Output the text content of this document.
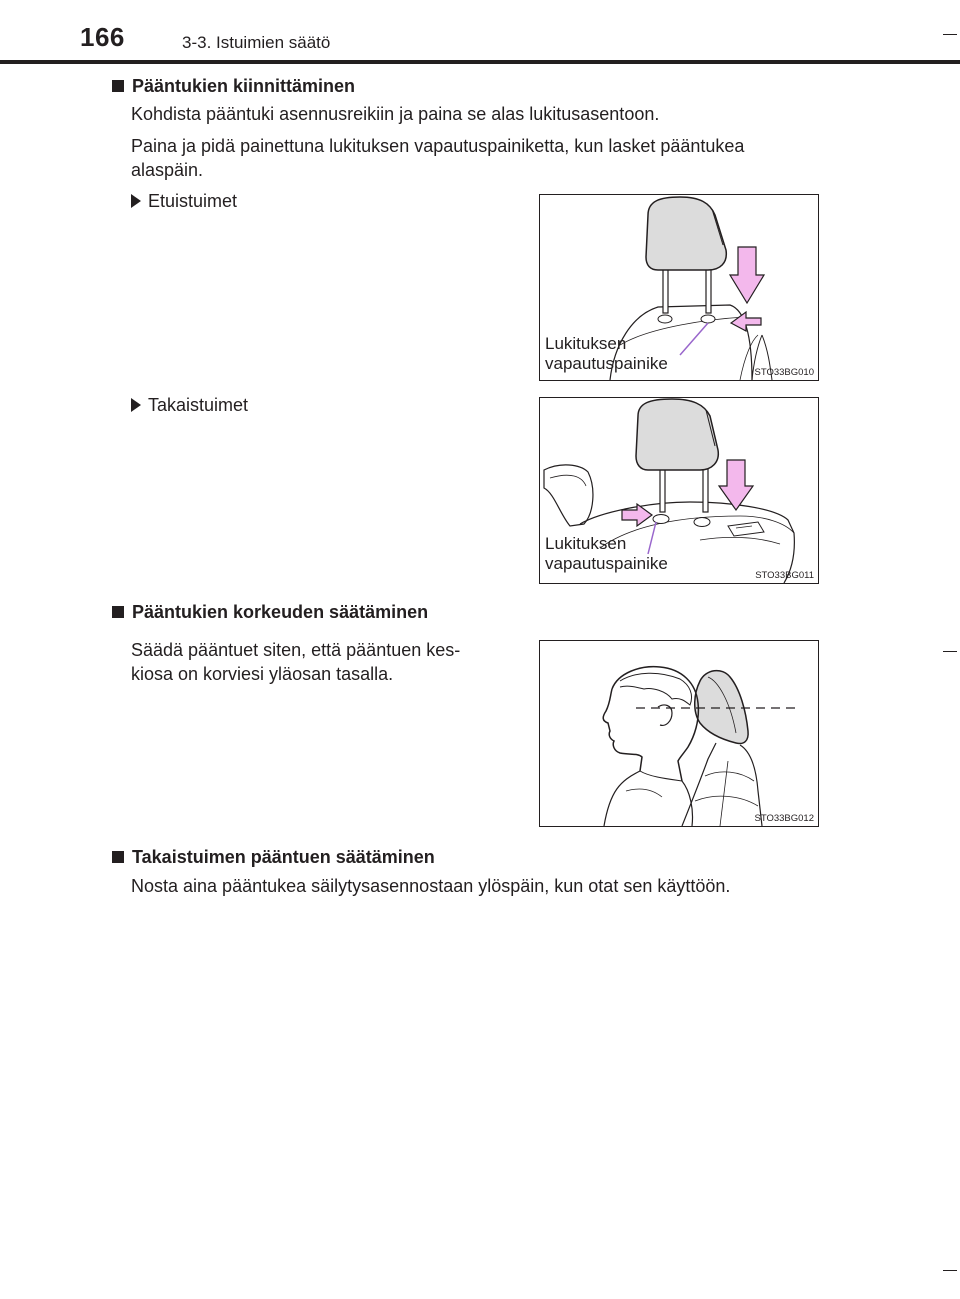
166	3-3. Istuimien säätö
Pääntukien kiinnittäminen
Kohdista pääntuki asennusreikiin ja paina se alas lukitusasentoon.
Paina ja pidä painettuna lukituksen vapautuspainiketta, kun lasket pääntukea
alaspäin.
Etuistuimet
Lukituksen
vapautuspainike	STO33BG010
Takaistuimet
Lukituksen
vapautuspainike
STO33BG011
Pääntukien korkeuden säätäminen
Säädä pääntuet siten, että pääntuen kes-
kiosa on korviesi yläosan tasalla.
STO33BG012
Takaistuimen pääntuen säätäminen
Nosta aina pääntukea säilytysasennostaan ylöspäin, kun otat sen käyttöön.
